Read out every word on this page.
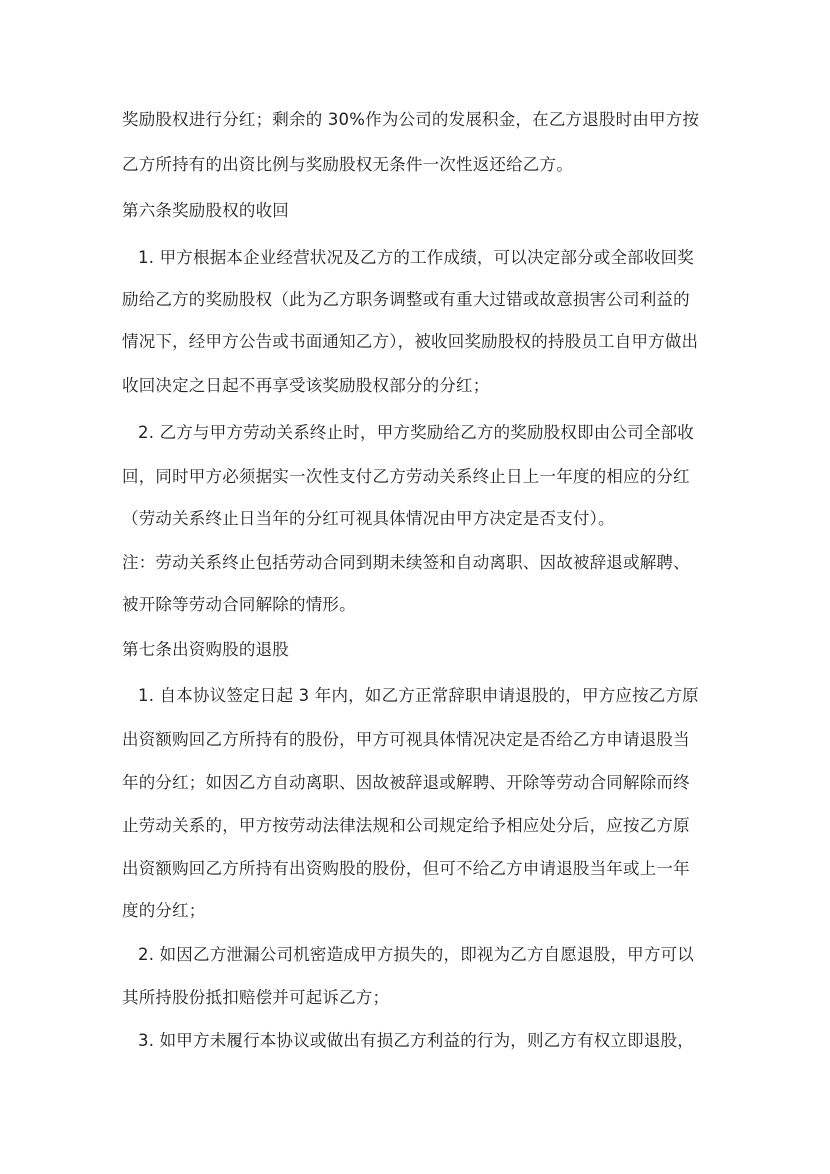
奖励股权进行分红；剩余的 30%作为公司的发展积金，在乙方退股时由甲方按
乙方所持有的出资比例与奖励股权无条件一次性返还给乙方。
第六条奖励股权的收回
1. 甲方根据本企业经营状况及乙方的工作成绩，可以决定部分或全部收回奖
励给乙方的奖励股权（此为乙方职务调整或有重大过错或故意损害公司利益的
情况下，经甲方公告或书面通知乙方），被收回奖励股权的持股员工自甲方做出
收回决定之日起不再享受该奖励股权部分的分红；
2. 乙方与甲方劳动关系终止时，甲方奖励给乙方的奖励股权即由公司全部收
回，同时甲方必须据实一次性支付乙方劳动关系终止日上一年度的相应的分红
（劳动关系终止日当年的分红可视具体情况由甲方决定是否支付）。
注：劳动关系终止包括劳动合同到期未续签和自动离职、因故被辞退或解聘、
被开除等劳动合同解除的情形。
第七条出资购股的退股
1. 自本协议签定日起 3 年内，如乙方正常辞职申请退股的，甲方应按乙方原
出资额购回乙方所持有的股份，甲方可视具体情况决定是否给乙方申请退股当
年的分红；如因乙方自动离职、因故被辞退或解聘、开除等劳动合同解除而终
止劳动关系的，甲方按劳动法律法规和公司规定给予相应处分后，应按乙方原
出资额购回乙方所持有出资购股的股份，但可不给乙方申请退股当年或上一年
度的分红；
2. 如因乙方泄漏公司机密造成甲方损失的，即视为乙方自愿退股，甲方可以
其所持股份抵扣赔偿并可起诉乙方；
3. 如甲方未履行本协议或做出有损乙方利益的行为，则乙方有权立即退股，
